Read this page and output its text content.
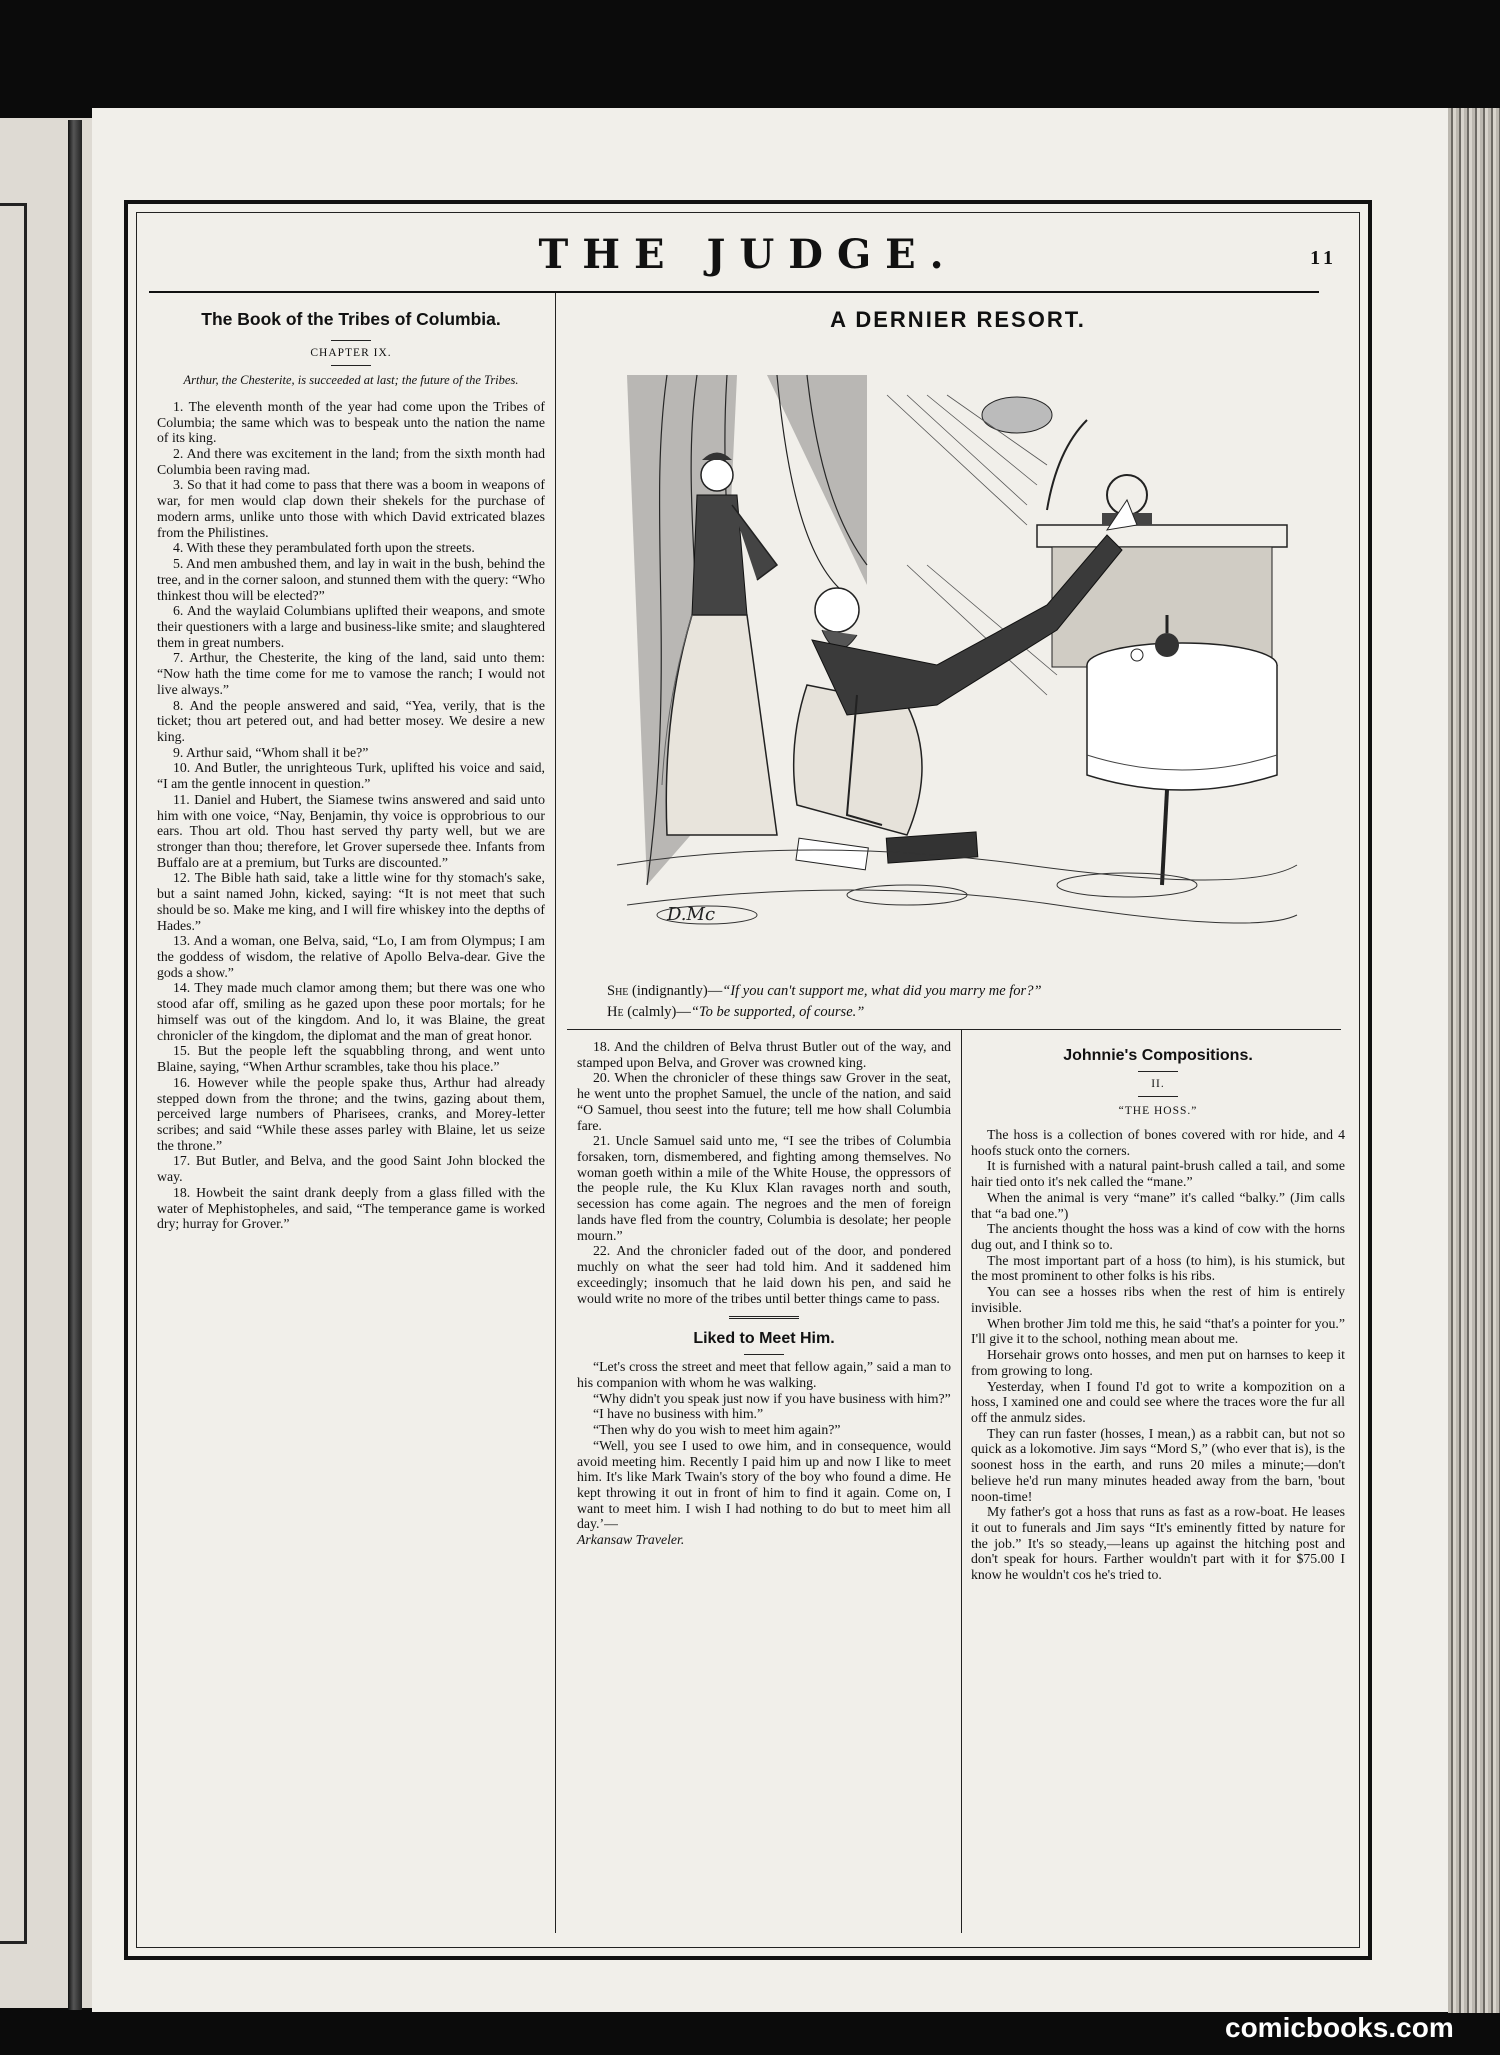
THE JUDGE.	11
The Book of the Tribes of Columbia.
CHAPTER IX.
Arthur, the Chesterite, is succeeded at last; the future of the Tribes.

1. The eleventh month of the year had come upon the Tribes of Columbia; the same which was to bespeak unto the nation the name of its king.

2. And there was excitement in the land; from the sixth month had Columbia been raving mad.

3. So that it had come to pass that there was a boom in weapons of war, for men would clap down their shekels for the purchase of modern arms, unlike unto those with which David extricated blazes from the Philistines.

4. With these they perambulated forth upon the streets.

5. And men ambushed them, and lay in wait in the bush, behind the tree, and in the corner saloon, and stunned them with the query: “Who thinkest thou will be elected?”

6. And the waylaid Columbians uplifted their weapons, and smote their questioners with a large and business-like smite; and slaughtered them in great numbers.

7. Arthur, the Chesterite, the king of the land, said unto them: “Now hath the time come for me to vamose the ranch; I would not live always.”

8. And the people answered and said, “Yea, verily, that is the ticket; thou art petered out, and had better mosey. We desire a new king.

9. Arthur said, “Whom shall it be?”

10. And Butler, the unrighteous Turk, uplifted his voice and said, “I am the gentle innocent in question.”

11. Daniel and Hubert, the Siamese twins answered and said unto him with one voice, “Nay, Benjamin, thy voice is opprobrious to our ears. Thou art old. Thou hast served thy party well, but we are stronger than thou; therefore, let Grover supersede thee. Infants from Buffalo are at a premium, but Turks are discounted.”

12. The Bible hath said, take a little wine for thy stomach's sake, but a saint named John, kicked, saying: “It is not meet that such should be so. Make me king, and I will fire whiskey into the depths of Hades.”

13. And a woman, one Belva, said, “Lo, I am from Olympus; I am the goddess of wisdom, the relative of Apollo Belva-dear. Give the gods a show.”

14. They made much clamor among them; but there was one who stood afar off, smiling as he gazed upon these poor mortals; for he himself was out of the kingdom. And lo, it was Blaine, the great chronicler of the kingdom, the diplomat and the man of great honor.

15. But the people left the squabbling throng, and went unto Blaine, saying, “When Arthur scrambles, take thou his place.”

16. However while the people spake thus, Arthur had already stepped down from the throne; and the twins, gazing about them, perceived large numbers of Pharisees, cranks, and Morey-letter scribes; and said “While these asses parley with Blaine, let us seize the throne.”

17. But Butler, and Belva, and the good Saint John blocked the way.

18. Howbeit the saint drank deeply from a glass filled with the water of Mephistopheles, and said, “The temperance game is worked dry; hurray for Grover.”

A DERNIER RESORT.
D.Mc
She (indignantly)—“If you can't support me, what did you marry me for?”
He (calmly)—“To be supported, of course.”

18. And the children of Belva thrust Butler out of the way, and stamped upon Belva, and Grover was crowned king.

20. When the chronicler of these things saw Grover in the seat, he went unto the prophet Samuel, the uncle of the nation, and said “O Samuel, thou seest into the future; tell me how shall Columbia fare.

21. Uncle Samuel said unto me, “I see the tribes of Columbia forsaken, torn, dismembered, and fighting among themselves. No woman goeth within a mile of the White House, the oppressors of the people rule, the Ku Klux Klan ravages north and south, secession has come again. The negroes and the men of foreign lands have fled from the country, Columbia is desolate; her people mourn.”

22. And the chronicler faded out of the door, and pondered muchly on what the seer had told him. And it saddened him exceedingly; insomuch that he laid down his pen, and said he would write no more of the tribes until better things came to pass.

Liked to Meet Him.

“Let's cross the street and meet that fellow again,” said a man to his companion with whom he was walking.

“Why didn't you speak just now if you have business with him?”

“I have no business with him.”

“Then why do you wish to meet him again?”

“Well, you see I used to owe him, and in consequence, would avoid meeting him. Recently I paid him up and now I like to meet him. It's like Mark Twain's story of the boy who found a dime. He kept throwing it out in front of him to find it again. Come on, I want to meet him. I wish I had nothing to do but to meet him all day.’—

Arkansaw Traveler.

Johnnie's Compositions.
II.
“THE HOSS.”

The hoss is a collection of bones covered with ror hide, and 4 hoofs stuck onto the corners.

It is furnished with a natural paint-brush called a tail, and some hair tied onto it's nek called the “mane.”

When the animal is very “mane” it's called “balky.” (Jim calls that “a bad one.”)

The ancients thought the hoss was a kind of cow with the horns dug out, and I think so to.

The most important part of a hoss (to him), is his stumick, but the most prominent to other folks is his ribs.

You can see a hosses ribs when the rest of him is entirely invisible.

When brother Jim told me this, he said “that's a pointer for you.” I'll give it to the school, nothing mean about me.

Horsehair grows onto hosses, and men put on harnses to keep it from growing to long.

Yesterday, when I found I'd got to write a kompozition on a hoss, I xamined one and could see where the traces wore the fur all off the anmulz sides.

They can run faster (hosses, I mean,) as a rabbit can, but not so quick as a lokomotive. Jim says “Mord S,” (who ever that is), is the soonest hoss in the earth, and runs 20 miles a minute;—don't believe he'd run many minutes headed away from the barn, 'bout noon-time!

My father's got a hoss that runs as fast as a row-boat. He leases it out to funerals and Jim says “It's eminently fitted by nature for the job.” It's so steady,—leans up against the hitching post and don't speak for hours. Farther wouldn't part with it for $75.00 I know he wouldn't cos he's tried to.

comicbooks.com
